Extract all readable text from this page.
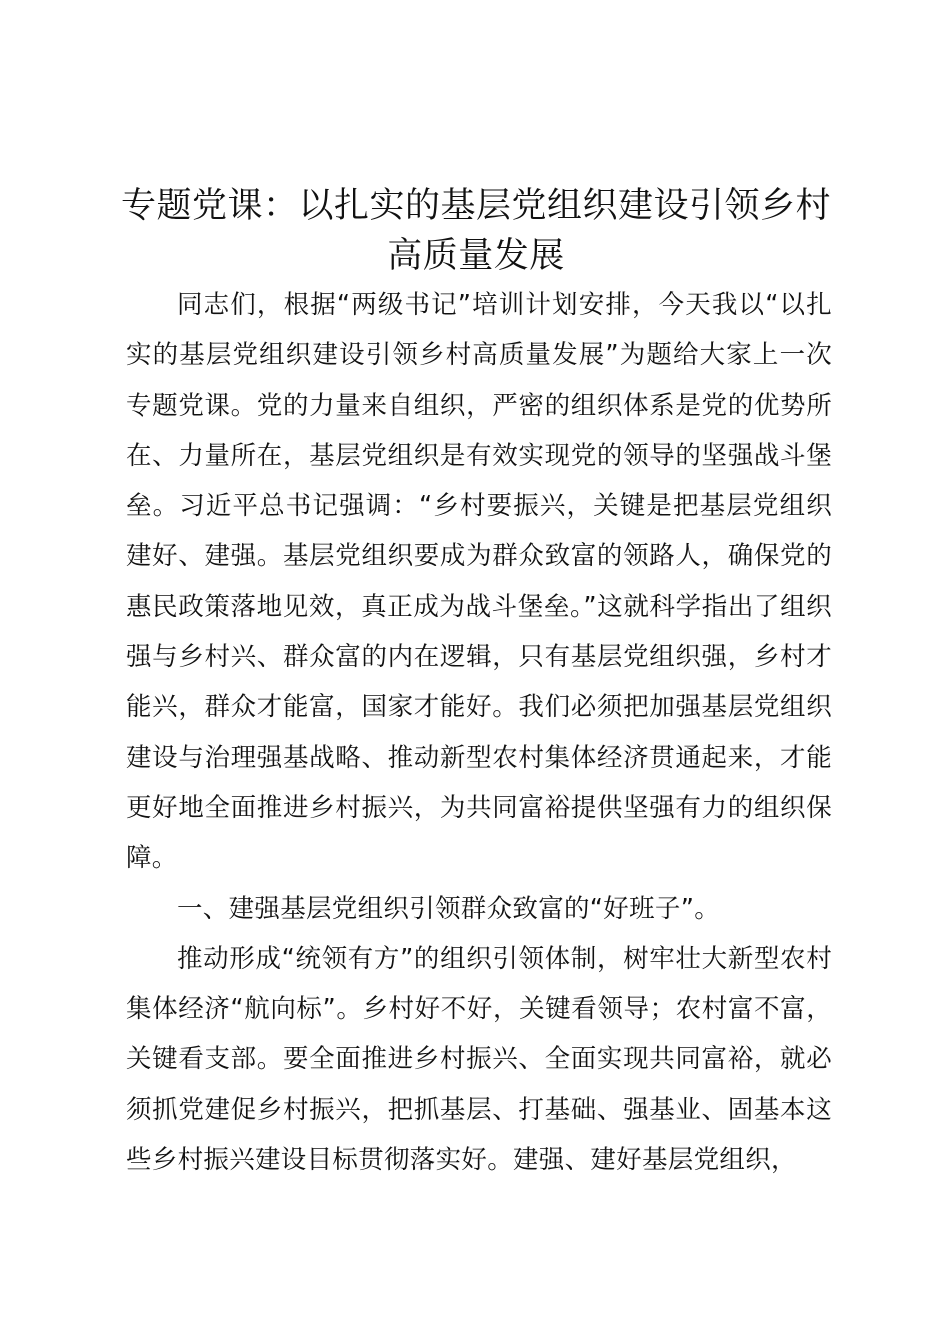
专题党课：以扎实的基层党组织建设引领乡村
高质量发展

同志们，根据“两级书记”培训计划安排，今天我以“以扎实的基层党组织建设引领乡村高质量发展”为题给大家上一次专题党课。党的力量来自组织，严密的组织体系是党的优势所在、力量所在，基层党组织是有效实现党的领导的坚强战斗堡垒。习近平总书记强调：“乡村要振兴，关键是把基层党组织建好、建强。基层党组织要成为群众致富的领路人，确保党的惠民政策落地见效，真正成为战斗堡垒。”这就科学指出了组织强与乡村兴、群众富的内在逻辑，只有基层党组织强，乡村才能兴，群众才能富，国家才能好。我们必须把加强基层党组织建设与治理强基战略、推动新型农村集体经济贯通起来，才能更好地全面推进乡村振兴，为共同富裕提供坚强有力的组织保障。

一、建强基层党组织引领群众致富的“好班子”。

推动形成“统领有方”的组织引领体制，树牢壮大新型农村集体经济“航向标”。乡村好不好，关键看领导；农村富不富，关键看支部。要全面推进乡村振兴、全面实现共同富裕，就必须抓党建促乡村振兴，把抓基层、打基础、强基业、固基本这些乡村振兴建设目标贯彻落实好。建强、建好基层党组织，
